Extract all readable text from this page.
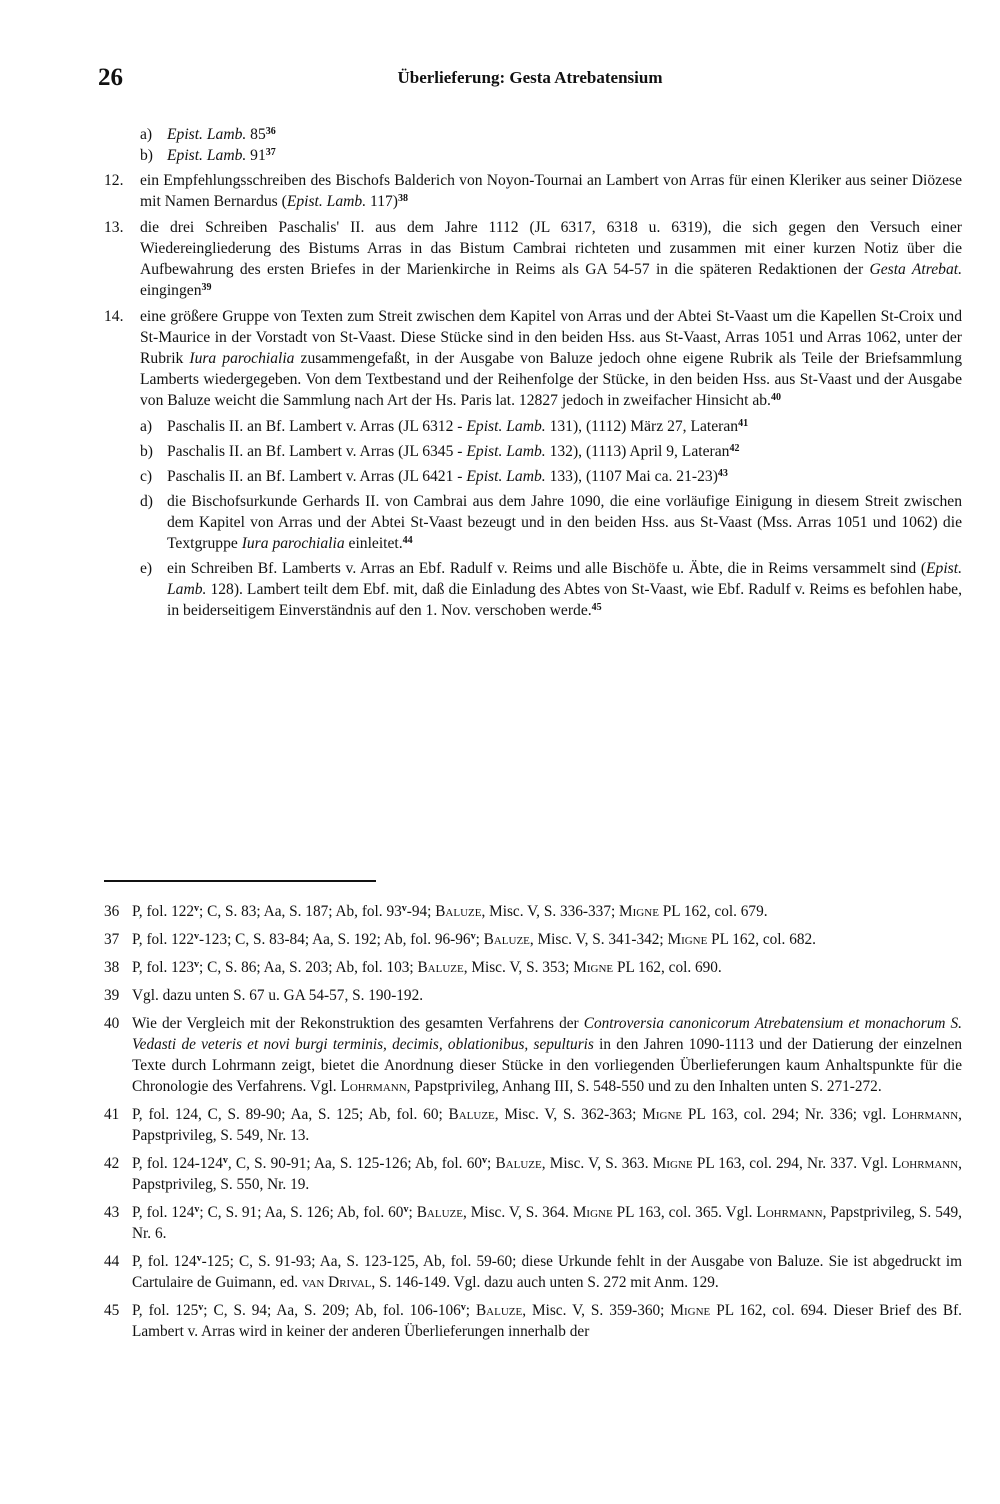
26	Überlieferung: Gesta Atrebatensium
a) Epist. Lamb. $85^{36}$
b) Epist. Lamb. $91^{37}$
12.	ein Empfehlungsschreiben des Bischofs Balderich von Noyon-Tournai an Lambert von Arras für einen Kleriker aus seiner Diözese mit Namen Bernardus (Epist. Lamb. 117)$^{38}$
13.	die drei Schreiben Paschalis' II. aus dem Jahre 1112 (JL 6317, 6318 u. 6319), die sich gegen den Versuch einer Wiedereingliederung des Bistums Arras in das Bistum Cambrai richteten und zusammen mit einer kurzen Notiz über die Aufbewahrung des ersten Briefes in der Marienkirche in Reims als GA 54-57 in die späteren Redaktionen der Gesta Atrebat. eingingen$^{39}$
14.	eine größere Gruppe von Texten zum Streit zwischen dem Kapitel von Arras und der Abtei St-Vaast um die Kapellen St-Croix und St-Maurice in der Vorstadt von St-Vaast. Diese Stücke sind in den beiden Hss. aus St-Vaast, Arras 1051 und Arras 1062, unter der Rubrik Iura parochialia zusammengefaßt, in der Ausgabe von Baluze jedoch ohne eigene Rubrik als Teile der Briefsammlung Lamberts wiedergegeben. Von dem Textbestand und der Reihenfolge der Stücke, in den beiden Hss. aus St-Vaast und der Ausgabe von Baluze weicht die Sammlung nach Art der Hs. Paris lat. 12827 jedoch in zweifacher Hinsicht ab.$^{40}$
a) Paschalis II. an Bf. Lambert v. Arras (JL 6312 - Epist. Lamb. 131), (1112) März 27, Lateran$^{41}$
b) Paschalis II. an Bf. Lambert v. Arras (JL 6345 - Epist. Lamb. 132), (1113) April 9, Lateran$^{42}$
c) Paschalis II. an Bf. Lambert v. Arras (JL 6421 - Epist. Lamb. 133), (1107 Mai ca. 21-23)$^{43}$
d) die Bischofsurkunde Gerhards II. von Cambrai aus dem Jahre 1090, die eine vorläufige Einigung in diesem Streit zwischen dem Kapitel von Arras und der Abtei St-Vaast bezeugt und in den beiden Hss. aus St-Vaast (Mss. Arras 1051 und 1062) die Textgruppe Iura parochialia einleitet.$^{44}$
e) ein Schreiben Bf. Lamberts v. Arras an Ebf. Radulf v. Reims und alle Bischöfe u. Äbte, die in Reims versammelt sind (Epist. Lamb. 128). Lambert teilt dem Ebf. mit, daß die Einladung des Abtes von St-Vaast, wie Ebf. Radulf v. Reims es befohlen habe, in beiderseitigem Einverständnis auf den 1. Nov. verschoben werde.$^{45}$
36 P, fol. 122$^v$; C, S. 83; Aa, S. 187; Ab, fol. 93$^v$-94; Baluze, Misc. V, S. 336-337; Migne PL 162, col. 679.
37 P, fol. 122$^v$-123; C, S. 83-84; Aa, S. 192; Ab, fol. 96-96$^v$; Baluze, Misc. V, S. 341-342; Migne PL 162, col. 682.
38 P, fol. 123$^v$; C, S. 86; Aa, S. 203; Ab, fol. 103; Baluze, Misc. V, S. 353; Migne PL 162, col. 690.
39 Vgl. dazu unten S. 67 u. GA 54-57, S. 190-192.
40 Wie der Vergleich mit der Rekonstruktion des gesamten Verfahrens der Controversia canonicorum Atrebatensium et monachorum S. Vedasti de veteris et novi burgi terminis, decimis, oblationibus, sepulturis in den Jahren 1090-1113 und der Datierung der einzelnen Texte durch Lohrmann zeigt, bietet die Anordnung dieser Stücke in den vorliegenden Überlieferungen kaum Anhaltspunkte für die Chronologie des Verfahrens. Vgl. Lohrmann, Papstprivileg, Anhang III, S. 548-550 und zu den Inhalten unten S. 271-272.
41 P, fol. 124, C, S. 89-90; Aa, S. 125; Ab, fol. 60; Baluze, Misc. V, S. 362-363; Migne PL 163, col. 294; Nr. 336; vgl. Lohrmann, Papstprivileg, S. 549, Nr. 13.
42 P, fol. 124-124$^v$, C, S. 90-91; Aa, S. 125-126; Ab, fol. 60$^v$; Baluze, Misc. V, S. 363. Migne PL 163, col. 294, Nr. 337. Vgl. Lohrmann, Papstprivileg, S. 550, Nr. 19.
43 P, fol. 124$^v$; C, S. 91; Aa, S. 126; Ab, fol. 60$^v$; Baluze, Misc. V, S. 364. Migne PL 163, col. 365. Vgl. Lohrmann, Papstprivileg, S. 549, Nr. 6.
44 P, fol. 124$^v$-125; C, S. 91-93; Aa, S. 123-125, Ab, fol. 59-60; diese Urkunde fehlt in der Ausgabe von Baluze. Sie ist abgedruckt im Cartulaire de Guimann, ed. van Drival, S. 146-149. Vgl. dazu auch unten S. 272 mit Anm. 129.
45 P, fol. 125$^v$; C, S. 94; Aa, S. 209; Ab, fol. 106-106$^v$; Baluze, Misc. V, S. 359-360; Migne PL 162, col. 694. Dieser Brief des Bf. Lambert v. Arras wird in keiner der anderen Überlieferungen innerhalb der
